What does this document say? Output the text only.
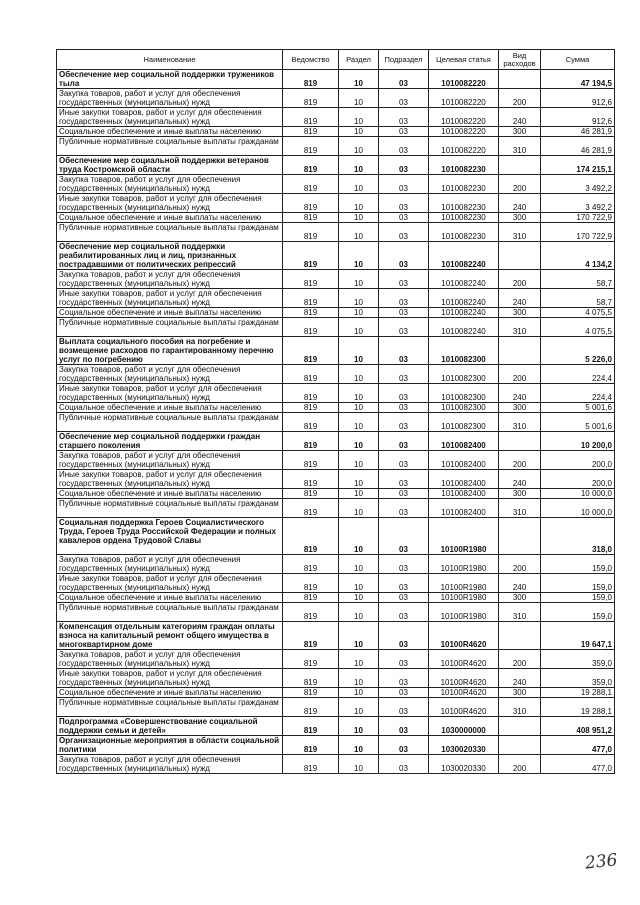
Наименование	Ведомство	Раздел	Подраздел	Целевая статья	Вид расходов	Сумма
Обеспечение мер социальной поддержки тружеников тыла	819	10	03	1010082220		47 194,5
Закупка товаров, работ и услуг для обеспечения государственных (муниципальных) нужд	819	10	03	1010082220	200	912,6
Иные закупки товаров, работ и услуг для обеспечения государственных (муниципальных) нужд	819	10	03	1010082220	240	912,6
Социальное обеспечение и иные выплаты населению	819	10	03	1010082220	300	46 281,9
Публичные нормативные социальные выплаты гражданам	819	10	03	1010082220	310	46 281,9
Обеспечение мер социальной поддержки ветеранов труда Костромской области	819	10	03	1010082230		174 215,1
Закупка товаров, работ и услуг для обеспечения государственных (муниципальных) нужд	819	10	03	1010082230	200	3 492,2
Иные закупки товаров, работ и услуг для обеспечения государственных (муниципальных) нужд	819	10	03	1010082230	240	3 492,2
Социальное обеспечение и иные выплаты населению	819	10	03	1010082230	300	170 722,9
Публичные нормативные социальные выплаты гражданам	819	10	03	1010082230	310	170 722,9
Обеспечение мер социальной поддержки реабилитированных лиц и лиц, признанных пострадавшими от политических репрессий	819	10	03	1010082240		4 134,2
Закупка товаров, работ и услуг для обеспечения государственных (муниципальных) нужд	819	10	03	1010082240	200	58,7
Иные закупки товаров, работ и услуг для обеспечения государственных (муниципальных) нужд	819	10	03	1010082240	240	58,7
Социальное обеспечение и иные выплаты населению	819	10	03	1010082240	300	4 075,5
Публичные нормативные социальные выплаты гражданам	819	10	03	1010082240	310	4 075,5
Выплата социального пособия на погребение и возмещение расходов по гарантированному перечню услуг по погребению	819	10	03	1010082300		5 226,0
Закупка товаров, работ и услуг для обеспечения государственных (муниципальных) нужд	819	10	03	1010082300	200	224,4
Иные закупки товаров, работ и услуг для обеспечения государственных (муниципальных) нужд	819	10	03	1010082300	240	224,4
Социальное обеспечение и иные выплаты населению	819	10	03	1010082300	300	5 001,6
Публичные нормативные социальные выплаты гражданам	819	10	03	1010082300	310	5 001,6
Обеспечение мер социальной поддержки граждан старшего поколения	819	10	03	1010082400		10 200,0
Закупка товаров, работ и услуг для обеспечения государственных (муниципальных) нужд	819	10	03	1010082400	200	200,0
Иные закупки товаров, работ и услуг для обеспечения государственных (муниципальных) нужд	819	10	03	1010082400	240	200,0
Социальное обеспечение и иные выплаты населению	819	10	03	1010082400	300	10 000,0
Публичные нормативные социальные выплаты гражданам	819	10	03	1010082400	310	10 000,0
Социальная поддержка Героев Социалистического Труда, Героев Труда Российской Федерации и полных кавалеров ордена Трудовой Славы	819	10	03	10100R1980		318,0
Закупка товаров, работ и услуг для обеспечения государственных (муниципальных) нужд	819	10	03	10100R1980	200	159,0
Иные закупки товаров, работ и услуг для обеспечения государственных (муниципальных) нужд	819	10	03	10100R1980	240	159,0
Социальное обеспечение и иные выплаты населению	819	10	03	10100R1980	300	159,0
Публичные нормативные социальные выплаты гражданам	819	10	03	10100R1980	310	159,0
Компенсация отдельным категориям граждан оплаты взноса на капитальный ремонт общего имущества в многоквартирном доме	819	10	03	10100R4620		19 647,1
Закупка товаров, работ и услуг для обеспечения государственных (муниципальных) нужд	819	10	03	10100R4620	200	359,0
Иные закупки товаров, работ и услуг для обеспечения государственных (муниципальных) нужд	819	10	03	10100R4620	240	359,0
Социальное обеспечение и иные выплаты населению	819	10	03	10100R4620	300	19 288,1
Публичные нормативные социальные выплаты гражданам	819	10	03	10100R4620	310	19 288,1
Подпрограмма «Совершенствование социальной поддержки семьи и детей»	819	10	03	1030000000		408 951,2
Организационные мероприятия в области социальной политики	819	10	03	1030020330		477,0
Закупка товаров, работ и услуг для обеспечения государственных (муниципальных) нужд	819	10	03	1030020330	200	477,0
236
